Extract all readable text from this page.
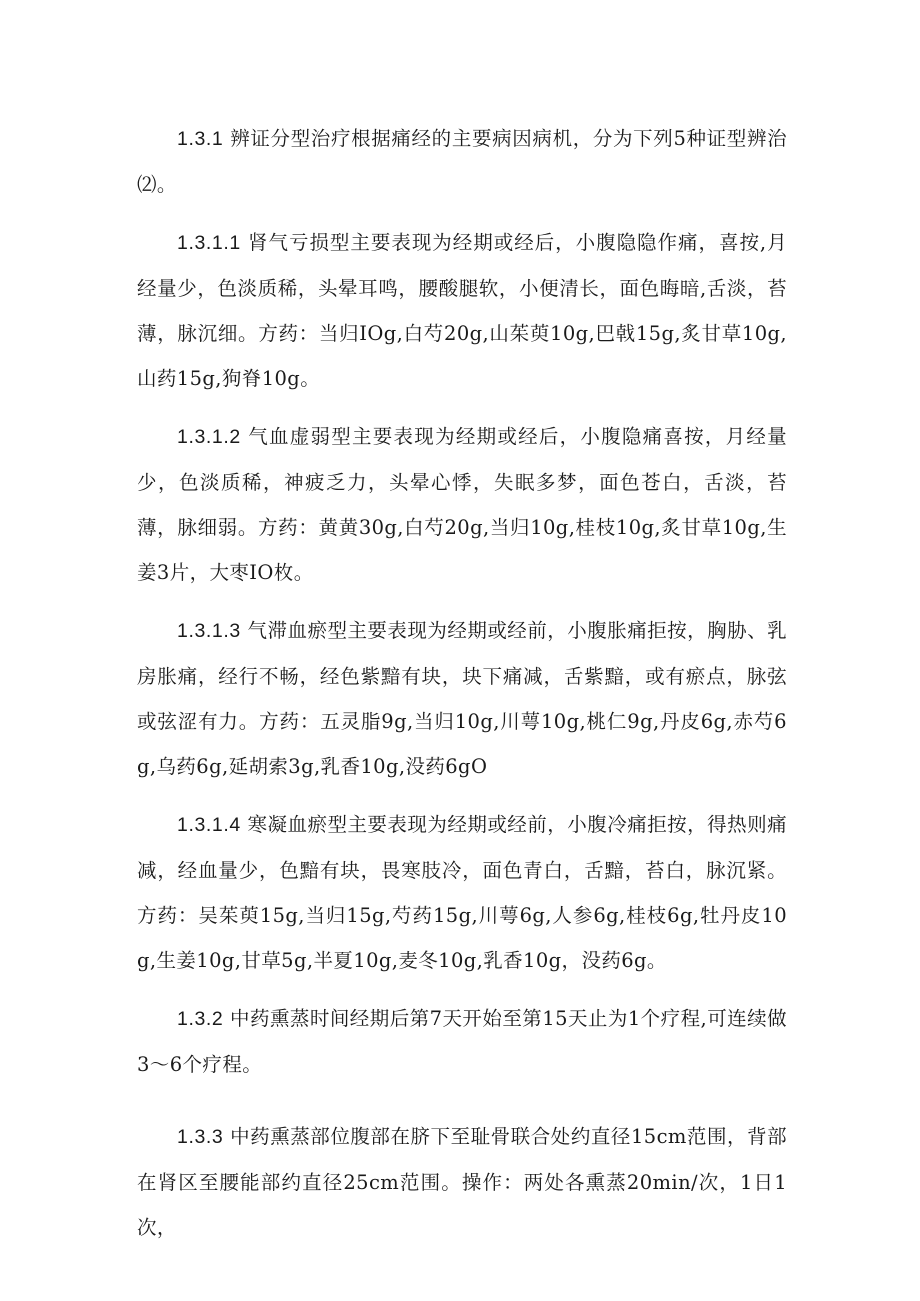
1.3.1 辨证分型治疗根据痛经的主要病因病机，分为下列5种证型辨治⑵。

1.3.1.1 肾气亏损型主要表现为经期或经后，小腹隐隐作痛，喜按,月经量少，色淡质稀，头晕耳鸣，腰酸腿软，小便清长，面色晦暗,舌淡，苔薄，脉沉细。方药：当归IOg,白芍20g,山茱萸10g,巴戟15g,炙甘草10g,山药15g,狗脊10g。

1.3.1.2 气血虚弱型主要表现为经期或经后，小腹隐痛喜按，月经量少，色淡质稀，神疲乏力，头晕心悸，失眠多梦，面色苍白，舌淡，苔薄，脉细弱。方药：黄黄30g,白芍20g,当归10g,桂枝10g,炙甘草10g,生姜3片，大枣IO枚。

1.3.1.3 气滞血瘀型主要表现为经期或经前，小腹胀痛拒按，胸胁、乳房胀痛，经行不畅，经色紫黯有块，块下痛减，舌紫黯，或有瘀点，脉弦或弦涩有力。方药：五灵脂9g,当归10g,川萼10g,桃仁9g,丹皮6g,赤芍6g,乌药6g,延胡索3g,乳香10g,没药6gO

1.3.1.4 寒凝血瘀型主要表现为经期或经前，小腹冷痛拒按，得热则痛减，经血量少，色黯有块，畏寒肢冷，面色青白，舌黯，苔白，脉沉紧。方药：吴茱萸15g,当归15g,芍药15g,川萼6g,人参6g,桂枝6g,牡丹皮10g,生姜10g,甘草5g,半夏10g,麦冬10g,乳香10g，没药6g。

1.3.2 中药熏蒸时间经期后第7天开始至第15天止为1个疗程,可连续做3～6个疗程。

1.3.3 中药熏蒸部位腹部在脐下至耻骨联合处约直径15cm范围，背部在肾区至腰能部约直径25cm范围。操作：两处各熏蒸20min∕次，1日1次，
